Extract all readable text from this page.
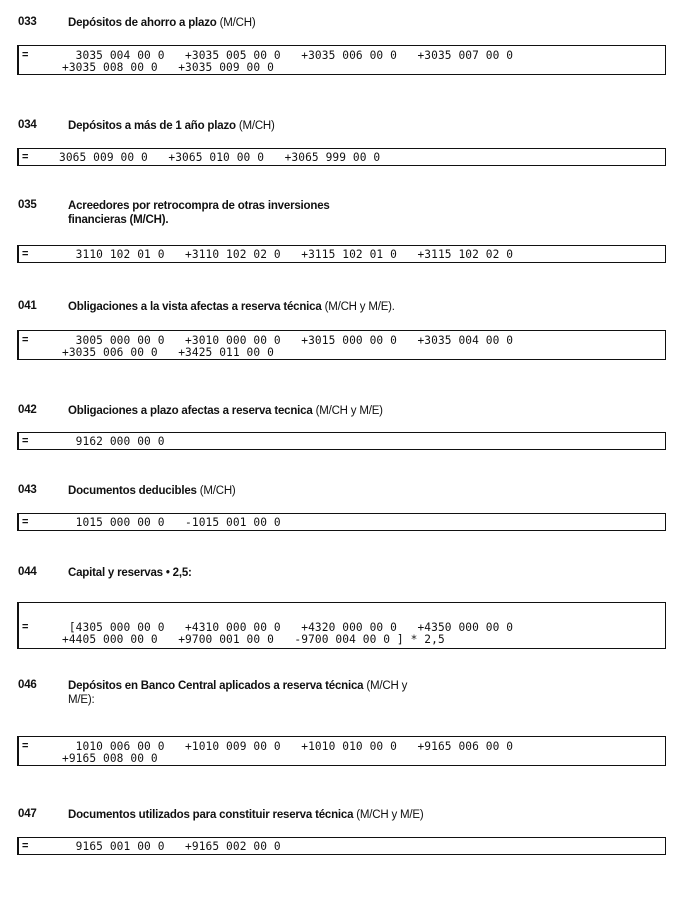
033	Depósitos de ahorro a plazo (M/CH)
=	3035 004 00 0   +3035 005 00 0   +3035 006 00 0   +3035 007 00 0
+3035 008 00 0   +3035 009 00 0
034	Depósitos a más de 1 año plazo (M/CH)
=	3065 009 00 0   +3065 010 00 0   +3065 999 00 0
035	Acreedores por retrocompra de otras inversiones
financieras (M/CH).
=	3110 102 01 0   +3110 102 02 0   +3115 102 01 0   +3115 102 02 0
041	Obligaciones a la vista afectas a reserva técnica (M/CH y M/E).
=	3005 000 00 0   +3010 000 00 0   +3015 000 00 0   +3035 004 00 0
+3035 006 00 0   +3425 011 00 0
042	Obligaciones a plazo afectas a reserva tecnica (M/CH y M/E)
=	9162 000 00 0
043	Documentos deducibles (M/CH)
=	1015 000 00 0   -1015 001 00 0
044	Capital y reservas • 2,5:
=	[4305 000 00 0   +4310 000 00 0   +4320 000 00 0   +4350 000 00 0
+4405 000 00 0   +9700 001 00 0   -9700 004 00 0 ] * 2,5
046	Depósitos en Banco Central aplicados a reserva técnica (M/CH y
M/E):
=	1010 006 00 0   +1010 009 00 0   +1010 010 00 0   +9165 006 00 0
+9165 008 00 0
047	Documentos utilizados para constituir reserva técnica (M/CH y M/E)
=	9165 001 00 0   +9165 002 00 0
